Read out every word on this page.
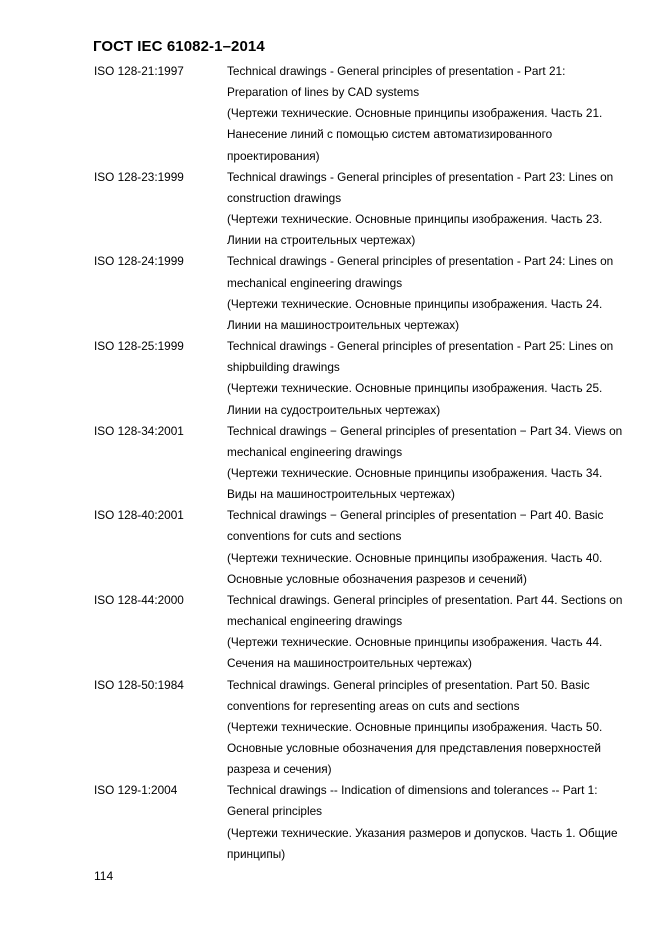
ГОСТ IEC 61082-1–2014
ISO 128-21:1997	Technical drawings - General principles of presentation - Part 21: Preparation of lines by CAD systems

(Чертежи технические. Основные принципы изображения. Часть 21. Нанесение линий с помощью систем автоматизированного проектирования)

ISO 128-23:1999	Technical drawings - General principles of presentation - Part 23: Lines on construction drawings

(Чертежи технические. Основные принципы изображения. Часть 23. Линии на строительных чертежах)

ISO 128-24:1999	Technical drawings - General principles of presentation - Part 24: Lines on mechanical engineering drawings

(Чертежи технические. Основные принципы изображения. Часть 24. Линии на машиностроительных чертежах)

ISO 128-25:1999	Technical drawings - General principles of presentation - Part 25: Lines on shipbuilding drawings

(Чертежи технические. Основные принципы изображения. Часть 25. Линии на судостроительных чертежах)

ISO 128-34:2001	Technical drawings − General principles of presentation − Part 34. Views on mechanical engineering drawings

(Чертежи технические. Основные принципы изображения. Часть 34. Виды на машиностроительных чертежах)

ISO 128-40:2001	Technical drawings − General principles of presentation − Part 40. Basic conventions for cuts and sections

(Чертежи технические. Основные принципы изображения. Часть 40. Основные условные обозначения разрезов и сечений)

ISO 128-44:2000	Technical drawings. General principles of presentation. Part 44. Sections on mechanical engineering drawings

(Чертежи технические. Основные принципы изображения. Часть 44. Сечения на машиностроительных чертежах)

ISO 128-50:1984	Technical drawings. General principles of presentation. Part 50. Basic conventions for representing areas on cuts and sections

(Чертежи технические. Основные принципы изображения. Часть 50. Основные условные обозначения для представления поверхностей разреза и сечения)

ISO 129-1:2004	Technical drawings -- Indication of dimensions and tolerances -- Part 1: General principles

(Чертежи технические. Указания размеров и допусков. Часть 1. Общие принципы)

114
